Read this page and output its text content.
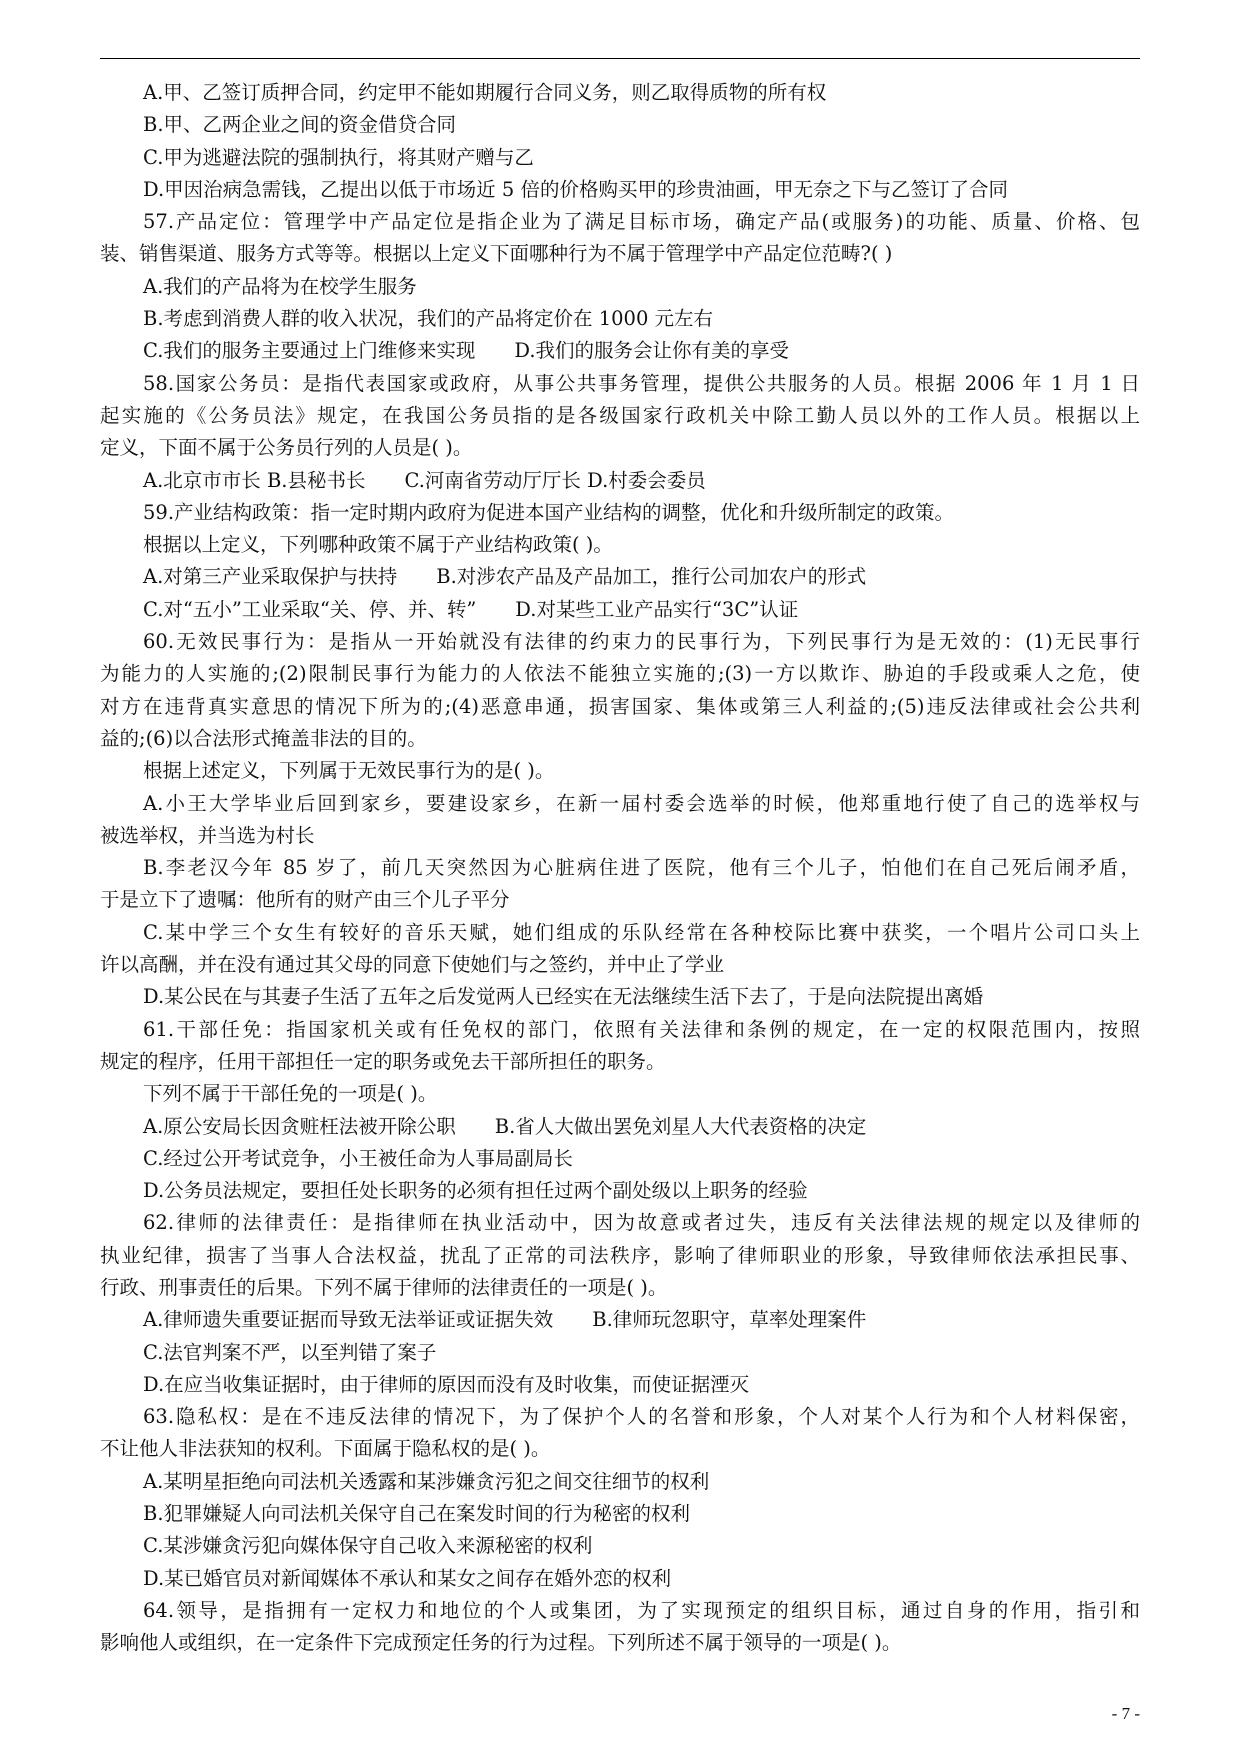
A.甲、乙签订质押合同，约定甲不能如期履行合同义务，则乙取得质物的所有权
B.甲、乙两企业之间的资金借贷合同
C.甲为逃避法院的强制执行，将其财产赠与乙
D.甲因治病急需钱，乙提出以低于市场近 5 倍的价格购买甲的珍贵油画，甲无奈之下与乙签订了合同
57.产品定位：管理学中产品定位是指企业为了满足目标市场，确定产品(或服务)的功能、质量、价格、包
装、销售渠道、服务方式等等。根据以上定义下面哪种行为不属于管理学中产品定位范畴?( )
A.我们的产品将为在校学生服务
B.考虑到消费人群的收入状况，我们的产品将定价在 1000 元左右
C.我们的服务主要通过上门维修来实现　　D.我们的服务会让你有美的享受
58.国家公务员：是指代表国家或政府，从事公共事务管理，提供公共服务的人员。根据 2006 年 1 月 1 日
起实施的《公务员法》规定，在我国公务员指的是各级国家行政机关中除工勤人员以外的工作人员。根据以上
定义，下面不属于公务员行列的人员是( )。
A.北京市市长 B.县秘书长　　C.河南省劳动厅厅长 D.村委会委员
59.产业结构政策：指一定时期内政府为促进本国产业结构的调整，优化和升级所制定的政策。
根据以上定义，下列哪种政策不属于产业结构政策( )。
A.对第三产业采取保护与扶持　　B.对涉农产品及产品加工，推行公司加农户的形式
C.对“五小”工业采取“关、停、并、转”　　D.对某些工业产品实行“3C”认证
60.无效民事行为：是指从一开始就没有法律的约束力的民事行为，下列民事行为是无效的：(1)无民事行
为能力的人实施的;(2)限制民事行为能力的人依法不能独立实施的;(3)一方以欺诈、胁迫的手段或乘人之危，使
对方在违背真实意思的情况下所为的;(4)恶意串通，损害国家、集体或第三人利益的;(5)违反法律或社会公共利
益的;(6)以合法形式掩盖非法的目的。
根据上述定义，下列属于无效民事行为的是( )。
A.小王大学毕业后回到家乡，要建设家乡，在新一届村委会选举的时候，他郑重地行使了自己的选举权与
被选举权，并当选为村长
B.李老汉今年 85 岁了，前几天突然因为心脏病住进了医院，他有三个儿子，怕他们在自己死后闹矛盾，
于是立下了遗嘱：他所有的财产由三个儿子平分
C.某中学三个女生有较好的音乐天赋，她们组成的乐队经常在各种校际比赛中获奖，一个唱片公司口头上
许以高酬，并在没有通过其父母的同意下使她们与之签约，并中止了学业
D.某公民在与其妻子生活了五年之后发觉两人已经实在无法继续生活下去了，于是向法院提出离婚
61.干部任免：指国家机关或有任免权的部门，依照有关法律和条例的规定，在一定的权限范围内，按照
规定的程序，任用干部担任一定的职务或免去干部所担任的职务。
下列不属于干部任免的一项是( )。
A.原公安局长因贪赃枉法被开除公职　　B.省人大做出罢免刘星人大代表资格的决定
C.经过公开考试竞争，小王被任命为人事局副局长
D.公务员法规定，要担任处长职务的必须有担任过两个副处级以上职务的经验
62.律师的法律责任：是指律师在执业活动中，因为故意或者过失，违反有关法律法规的规定以及律师的
执业纪律，损害了当事人合法权益，扰乱了正常的司法秩序，影响了律师职业的形象，导致律师依法承担民事、
行政、刑事责任的后果。下列不属于律师的法律责任的一项是( )。
A.律师遗失重要证据而导致无法举证或证据失效　　B.律师玩忽职守，草率处理案件
C.法官判案不严，以至判错了案子
D.在应当收集证据时，由于律师的原因而没有及时收集，而使证据湮灭
63.隐私权：是在不违反法律的情况下，为了保护个人的名誉和形象，个人对某个人行为和个人材料保密，
不让他人非法获知的权利。下面属于隐私权的是( )。
A.某明星拒绝向司法机关透露和某涉嫌贪污犯之间交往细节的权利
B.犯罪嫌疑人向司法机关保守自己在案发时间的行为秘密的权利
C.某涉嫌贪污犯向媒体保守自己收入来源秘密的权利
D.某已婚官员对新闻媒体不承认和某女之间存在婚外恋的权利
64.领导，是指拥有一定权力和地位的个人或集团，为了实现预定的组织目标，通过自身的作用，指引和
影响他人或组织，在一定条件下完成预定任务的行为过程。下列所述不属于领导的一项是( )。
- 7 -
